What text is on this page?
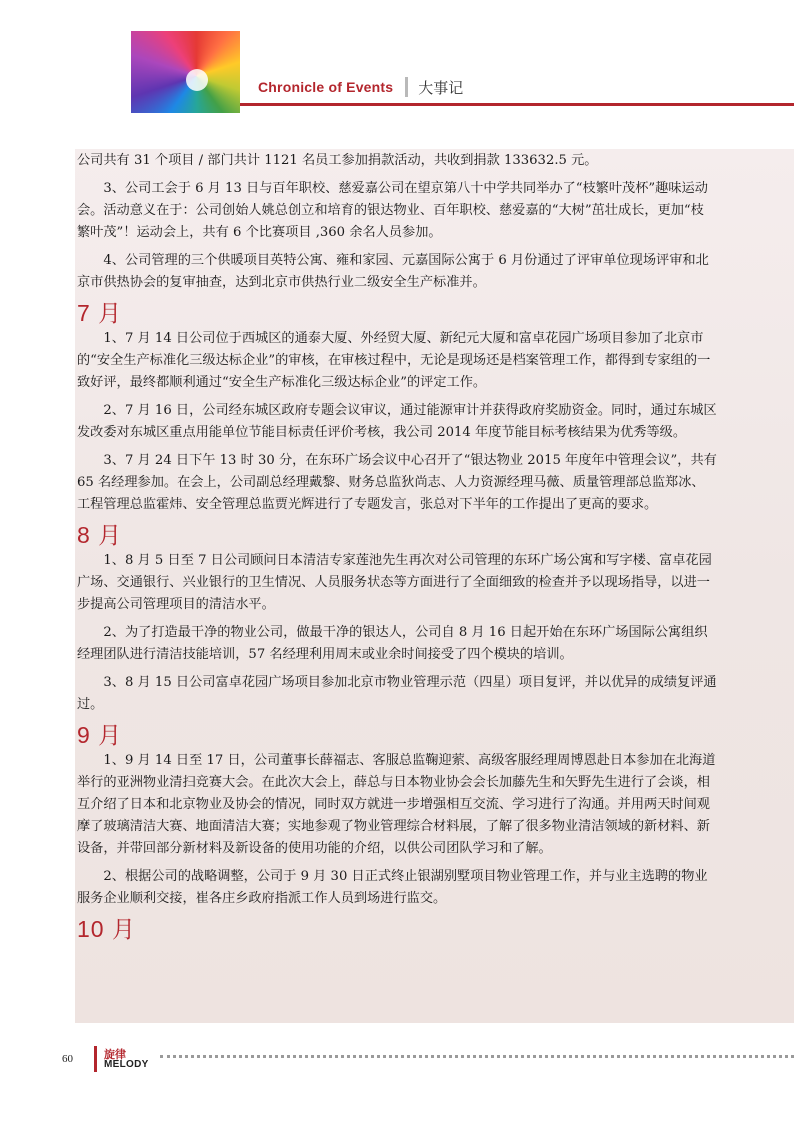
Chronicle of Events 大事记

公司共有 31 个项目 / 部门共计 1121 名员工参加捐款活动，共收到捐款 133632.5 元。

3、公司工会于 6 月 13 日与百年职校、慈爱嘉公司在望京第八十中学共同举办了“枝繁叶茂杯”趣味运动会。活动意义在于：公司创始人姚总创立和培育的银达物业、百年职校、慈爱嘉的“大树”茁壮成长，更加“枝繁叶茂”！运动会上，共有 6 个比赛项目 ,360 余名人员参加。

4、公司管理的三个供暖项目英特公寓、雍和家园、元嘉国际公寓于 6 月份通过了评审单位现场评审和北京市供热协会的复审抽查，达到北京市供热行业二级安全生产标准并。

7 月

1、7 月 14 日公司位于西城区的通泰大厦、外经贸大厦、新纪元大厦和富卓花园广场项目参加了北京市的“安全生产标准化三级达标企业”的审核，在审核过程中，无论是现场还是档案管理工作，都得到专家组的一致好评，最终都顺利通过“安全生产标准化三级达标企业”的评定工作。

2、7 月 16 日，公司经东城区政府专题会议审议，通过能源审计并获得政府奖励资金。同时，通过东城区发改委对东城区重点用能单位节能目标责任评价考核，我公司 2014 年度节能目标考核结果为优秀等级。

3、7 月 24 日下午 13 时 30 分，在东环广场会议中心召开了“银达物业 2015 年度年中管理会议”，共有 65 名经理参加。在会上，公司副总经理戴黎、财务总监狄尚志、人力资源经理马薇、质量管理部总监郑冰、工程管理总监霍炜、安全管理总监贾光辉进行了专题发言，张总对下半年的工作提出了更高的要求。

8 月

1、8 月 5 日至 7 日公司顾问日本清洁专家莲池先生再次对公司管理的东环广场公寓和写字楼、富卓花园广场、交通银行、兴业银行的卫生情况、人员服务状态等方面进行了全面细致的检查并予以现场指导，以进一步提高公司管理项目的清洁水平。

2、为了打造最干净的物业公司，做最干净的银达人，公司自 8 月 16 日起开始在东环广场国际公寓组织经理团队进行清洁技能培训，57 名经理利用周末或业余时间接受了四个模块的培训。

3、8 月 15 日公司富卓花园广场项目参加北京市物业管理示范（四星）项目复评，并以优异的成绩复评通过。

9 月

1、9 月 14 日至 17 日，公司董事长薛福志、客服总监鞠迎萦、高级客服经理周博恩赴日本参加在北海道举行的亚洲物业清扫竞赛大会。在此次大会上，薛总与日本物业协会会长加藤先生和矢野先生进行了会谈，相互介绍了日本和北京物业及协会的情况，同时双方就进一步增强相互交流、学习进行了沟通。并用两天时间观摩了玻璃清洁大赛、地面清洁大赛；实地参观了物业管理综合材料展，了解了很多物业清洁领域的新材料、新设备，并带回部分新材料及新设备的使用功能的介绍，以供公司团队学习和了解。

2、根据公司的战略调整，公司于 9 月 30 日正式终止银湖别墅项目物业管理工作，并与业主选聘的物业服务企业顺利交接，崔各庄乡政府指派工作人员到场进行监交。

10 月
60	旋律
MELODY
